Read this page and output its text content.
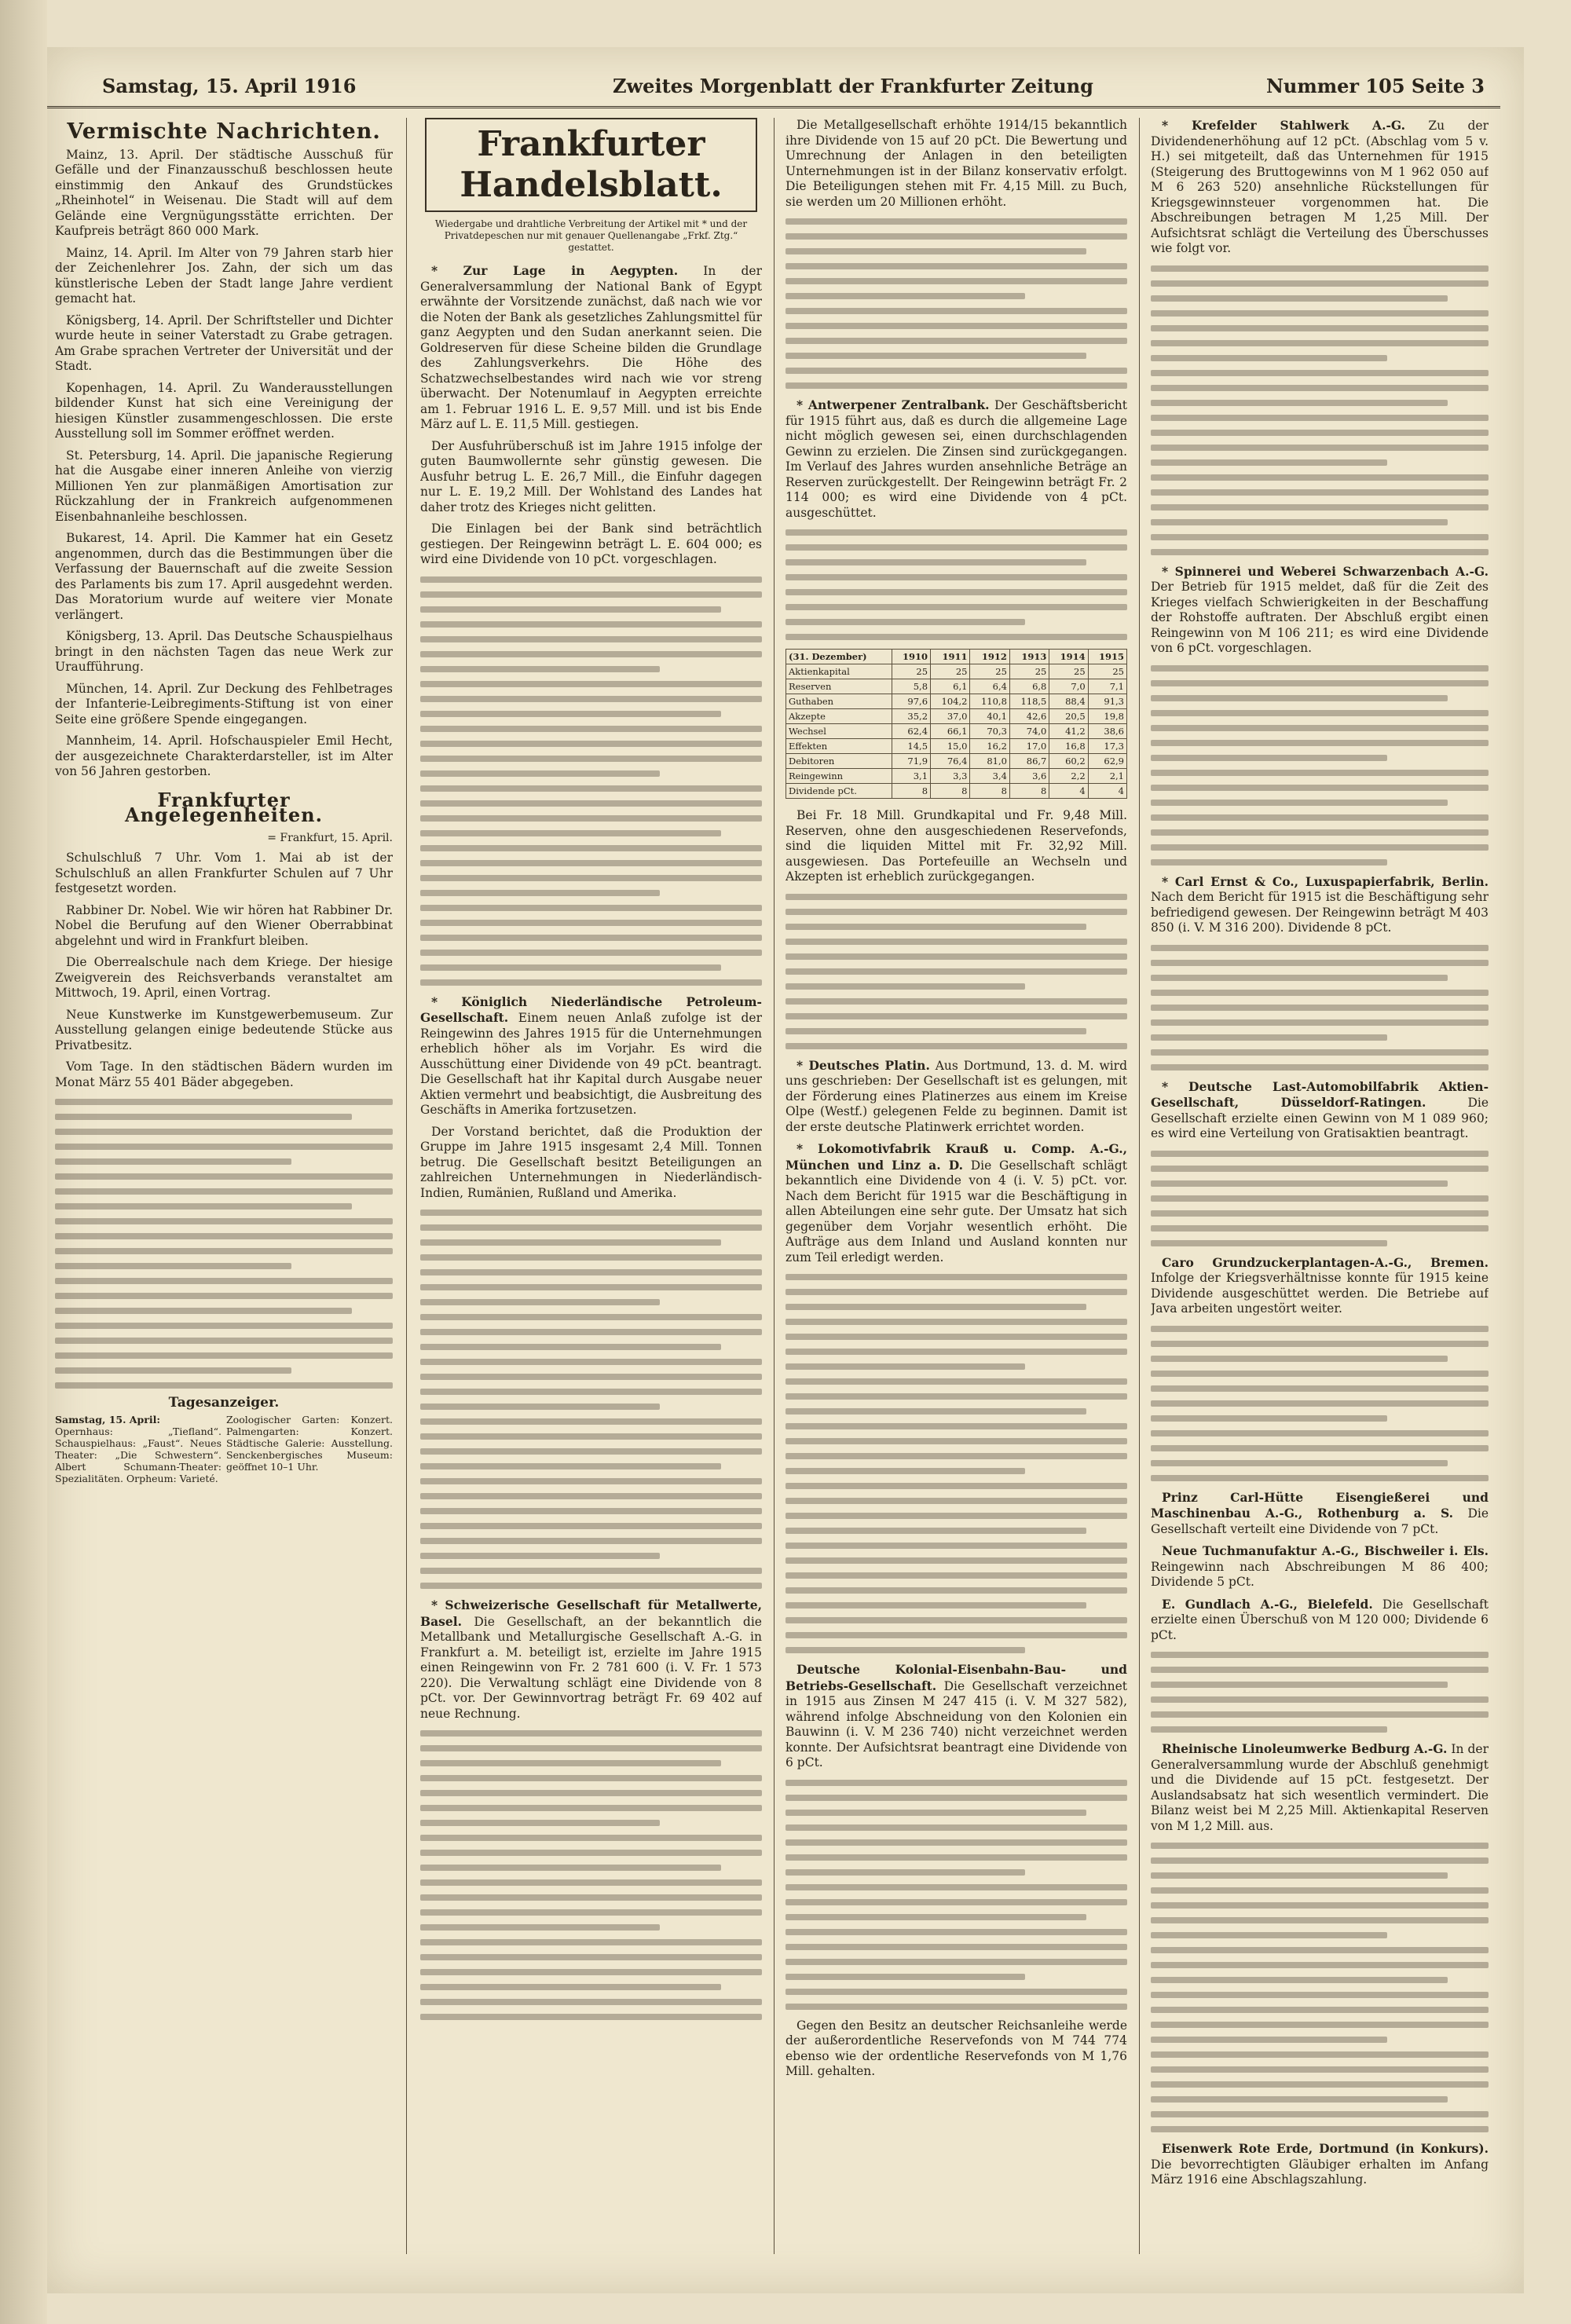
Samstag, 15. April 1916	Zweites Morgenblatt der Frankfurter Zeitung	Nummer 105 Seite 3
Vermischte Nachrichten.

Mainz, 13. April. Der städtische Ausschuß für Gefälle und der Finanzausschuß beschlossen heute einstimmig den Ankauf des Grundstückes „Rheinhotel“ in Weisenau. Die Stadt will auf dem Gelände eine Vergnügungsstätte errichten. Der Kaufpreis beträgt 860 000 Mark.

Mainz, 14. April. Im Alter von 79 Jahren starb hier der Zeichenlehrer Jos. Zahn, der sich um das künstlerische Leben der Stadt lange Jahre verdient gemacht hat.

Königsberg, 14. April. Der Schriftsteller und Dichter wurde heute in seiner Vaterstadt zu Grabe getragen. Am Grabe sprachen Vertreter der Universität und der Stadt.

Kopenhagen, 14. April. Zu Wanderausstellungen bildender Kunst hat sich eine Vereinigung der hiesigen Künstler zusammengeschlossen. Die erste Ausstellung soll im Sommer eröffnet werden.

St. Petersburg, 14. April. Die japanische Regierung hat die Ausgabe einer inneren Anleihe von vierzig Millionen Yen zur planmäßigen Amortisation zur Rückzahlung der in Frankreich aufgenommenen Eisenbahnanleihe beschlossen.

Bukarest, 14. April. Die Kammer hat ein Gesetz angenommen, durch das die Bestimmungen über die Verfassung der Bauernschaft auf die zweite Session des Parlaments bis zum 17. April ausgedehnt werden. Das Moratorium wurde auf weitere vier Monate verlängert.

Königsberg, 13. April. Das Deutsche Schauspielhaus bringt in den nächsten Tagen das neue Werk zur Uraufführung.

München, 14. April. Zur Deckung des Fehlbetrages der Infanterie-Leibregiments-Stiftung ist von einer Seite eine größere Spende eingegangen.

Mannheim, 14. April. Hofschauspieler Emil Hecht, der ausgezeichnete Charakterdarsteller, ist im Alter von 56 Jahren gestorben.

Frankfurter Angelegenheiten.
= Frankfurt, 15. April.

Schulschluß 7 Uhr. Vom 1. Mai ab ist der Schulschluß an allen Frankfurter Schulen auf 7 Uhr festgesetzt worden.

Rabbiner Dr. Nobel. Wie wir hören hat Rabbiner Dr. Nobel die Berufung auf den Wiener Oberrabbinat abgelehnt und wird in Frankfurt bleiben.

Die Oberrealschule nach dem Kriege. Der hiesige Zweigverein des Reichsverbands veranstaltet am Mittwoch, 19. April, einen Vortrag.

Neue Kunstwerke im Kunstgewerbemuseum. Zur Ausstellung gelangen einige bedeutende Stücke aus Privatbesitz.

Vom Tage. In den städtischen Bädern wurden im Monat März 55 401 Bäder abgegeben.

Tagesanzeiger.
Samstag, 15. April:
Opernhaus: „Tiefland“. Schauspielhaus: „Faust“. Neues Theater: „Die Schwestern“. Albert Schumann-Theater: Spezialitäten. Orpheum: Varieté.
Zoologischer Garten: Konzert. Palmengarten: Konzert. Städtische Galerie: Ausstellung. Senckenbergisches Museum: geöffnet 10–1 Uhr.
Frankfurter Handelsblatt.
Wiedergabe und drahtliche Verbreitung der Artikel mit * und der Privatdepeschen nur mit genauer Quellenangabe „Frkf. Ztg.“ gestattet.

* Zur Lage in Aegypten. In der Generalversammlung der National Bank of Egypt erwähnte der Vorsitzende zunächst, daß nach wie vor die Noten der Bank als gesetzliches Zahlungsmittel für ganz Aegypten und den Sudan anerkannt seien. Die Goldreserven für diese Scheine bilden die Grundlage des Zahlungsverkehrs. Die Höhe des Schatzwechselbestandes wird nach wie vor streng überwacht. Der Notenumlauf in Aegypten erreichte am 1. Februar 1916 L. E. 9,57 Mill. und ist bis Ende März auf L. E. 11,5 Mill. gestiegen.

Der Ausfuhrüberschuß ist im Jahre 1915 infolge der guten Baumwollernte sehr günstig gewesen. Die Ausfuhr betrug L. E. 26,7 Mill., die Einfuhr dagegen nur L. E. 19,2 Mill. Der Wohlstand des Landes hat daher trotz des Krieges nicht gelitten.

Die Einlagen bei der Bank sind beträchtlich gestiegen. Der Reingewinn beträgt L. E. 604 000; es wird eine Dividende von 10 pCt. vorgeschlagen.

* Königlich Niederländische Petroleum-Gesellschaft. Einem neuen Anlaß zufolge ist der Reingewinn des Jahres 1915 für die Unternehmungen erheblich höher als im Vorjahr. Es wird die Ausschüttung einer Dividende von 49 pCt. beantragt. Die Gesellschaft hat ihr Kapital durch Ausgabe neuer Aktien vermehrt und beabsichtigt, die Ausbreitung des Geschäfts in Amerika fortzusetzen.

Der Vorstand berichtet, daß die Produktion der Gruppe im Jahre 1915 insgesamt 2,4 Mill. Tonnen betrug. Die Gesellschaft besitzt Beteiligungen an zahlreichen Unternehmungen in Niederländisch-Indien, Rumänien, Rußland und Amerika.

* Schweizerische Gesellschaft für Metallwerte, Basel. Die Gesellschaft, an der bekanntlich die Metallbank und Metallurgische Gesellschaft A.-G. in Frankfurt a. M. beteiligt ist, erzielte im Jahre 1915 einen Reingewinn von Fr. 2 781 600 (i. V. Fr. 1 573 220). Die Verwaltung schlägt eine Dividende von 8 pCt. vor. Der Gewinnvortrag beträgt Fr. 69 402 auf neue Rechnung.

Die Metallgesellschaft erhöhte 1914/15 bekanntlich ihre Dividende von 15 auf 20 pCt. Die Bewertung und Umrechnung der Anlagen in den beteiligten Unternehmungen ist in der Bilanz konservativ erfolgt. Die Beteiligungen stehen mit Fr. 4,15 Mill. zu Buch, sie werden um 20 Millionen erhöht.

* Antwerpener Zentralbank. Der Geschäftsbericht für 1915 führt aus, daß es durch die allgemeine Lage nicht möglich gewesen sei, einen durchschlagenden Gewinn zu erzielen. Die Zinsen sind zurückgegangen. Im Verlauf des Jahres wurden ansehnliche Beträge an Reserven zurückgestellt. Der Reingewinn beträgt Fr. 2 114 000; es wird eine Dividende von 4 pCt. ausgeschüttet.

(31. Dezember)	1910	1911	1912	1913	1914	1915
Aktienkapital	25	25	25	25	25	25
Reserven	5,8	6,1	6,4	6,8	7,0	7,1
Guthaben	97,6	104,2	110,8	118,5	88,4	91,3
Akzepte	35,2	37,0	40,1	42,6	20,5	19,8
Wechsel	62,4	66,1	70,3	74,0	41,2	38,6
Effekten	14,5	15,0	16,2	17,0	16,8	17,3
Debitoren	71,9	76,4	81,0	86,7	60,2	62,9
Reingewinn	3,1	3,3	3,4	3,6	2,2	2,1
Dividende pCt.	8	8	8	8	4	4

Bei Fr. 18 Mill. Grundkapital und Fr. 9,48 Mill. Reserven, ohne den ausgeschiedenen Reservefonds, sind die liquiden Mittel mit Fr. 32,92 Mill. ausgewiesen. Das Portefeuille an Wechseln und Akzepten ist erheblich zurückgegangen.

* Deutsches Platin. Aus Dortmund, 13. d. M. wird uns geschrieben: Der Gesellschaft ist es gelungen, mit der Förderung eines Platinerzes aus einem im Kreise Olpe (Westf.) gelegenen Felde zu beginnen. Damit ist der erste deutsche Platinwerk errichtet worden.

* Lokomotivfabrik Krauß u. Comp. A.-G., München und Linz a. D. Die Gesellschaft schlägt bekanntlich eine Dividende von 4 (i. V. 5) pCt. vor. Nach dem Bericht für 1915 war die Beschäftigung in allen Abteilungen eine sehr gute. Der Umsatz hat sich gegenüber dem Vorjahr wesentlich erhöht. Die Aufträge aus dem Inland und Ausland konnten nur zum Teil erledigt werden.

Deutsche Kolonial-Eisenbahn-Bau- und Betriebs-Gesellschaft. Die Gesellschaft verzeichnet in 1915 aus Zinsen M 247 415 (i. V. M 327 582), während infolge Abschneidung von den Kolonien ein Bauwinn (i. V. M 236 740) nicht verzeichnet werden konnte. Der Aufsichtsrat beantragt eine Dividende von 6 pCt.

Gegen den Besitz an deutscher Reichsanleihe werde der außerordentliche Reservefonds von M 744 774 ebenso wie der ordentliche Reservefonds von M 1,76 Mill. gehalten.

* Krefelder Stahlwerk A.-G. Zu der Dividendenerhöhung auf 12 pCt. (Abschlag vom 5 v. H.) sei mitgeteilt, daß das Unternehmen für 1915 (Steigerung des Bruttogewinns von M 1 962 050 auf M 6 263 520) ansehnliche Rückstellungen für Kriegsgewinnsteuer vorgenommen hat. Die Abschreibungen betragen M 1,25 Mill. Der Aufsichtsrat schlägt die Verteilung des Überschusses wie folgt vor.

* Spinnerei und Weberei Schwarzenbach A.-G. Der Betrieb für 1915 meldet, daß für die Zeit des Krieges vielfach Schwierigkeiten in der Beschaffung der Rohstoffe auftraten. Der Abschluß ergibt einen Reingewinn von M 106 211; es wird eine Dividende von 6 pCt. vorgeschlagen.

* Carl Ernst & Co., Luxuspapierfabrik, Berlin. Nach dem Bericht für 1915 ist die Beschäftigung sehr befriedigend gewesen. Der Reingewinn beträgt M 403 850 (i. V. M 316 200). Dividende 8 pCt.

* Deutsche Last-Automobilfabrik Aktien-Gesellschaft, Düsseldorf-Ratingen.	Die Gesellschaft erzielte einen Gewinn von M 1 089 960; es wird eine Verteilung von Gratisaktien beantragt.

Caro Grundzuckerplantagen-A.-G., Bremen. Infolge der Kriegsverhältnisse konnte für 1915 keine Dividende ausgeschüttet werden. Die Betriebe auf Java arbeiten ungestört weiter.

Prinz Carl-Hütte Eisengießerei und Maschinenbau A.-G., Rothenburg a. S. Die Gesellschaft verteilt eine Dividende von 7 pCt.

Neue Tuchmanufaktur A.-G., Bischweiler i. Els. Reingewinn nach Abschreibungen M 86 400; Dividende 5 pCt.

E. Gundlach A.-G., Bielefeld. Die Gesellschaft erzielte einen Überschuß von M 120 000; Dividende 6 pCt.

Rheinische Linoleumwerke Bedburg A.-G. In der Generalversammlung wurde der Abschluß genehmigt und die Dividende auf 15 pCt. festgesetzt. Der Auslandsabsatz hat sich wesentlich vermindert. Die Bilanz weist bei M 2,25 Mill. Aktienkapital Reserven von M 1,2 Mill. aus.

Eisenwerk Rote Erde, Dortmund (in Konkurs). Die bevorrechtigten Gläubiger erhalten im Anfang März 1916 eine Abschlagszahlung.
